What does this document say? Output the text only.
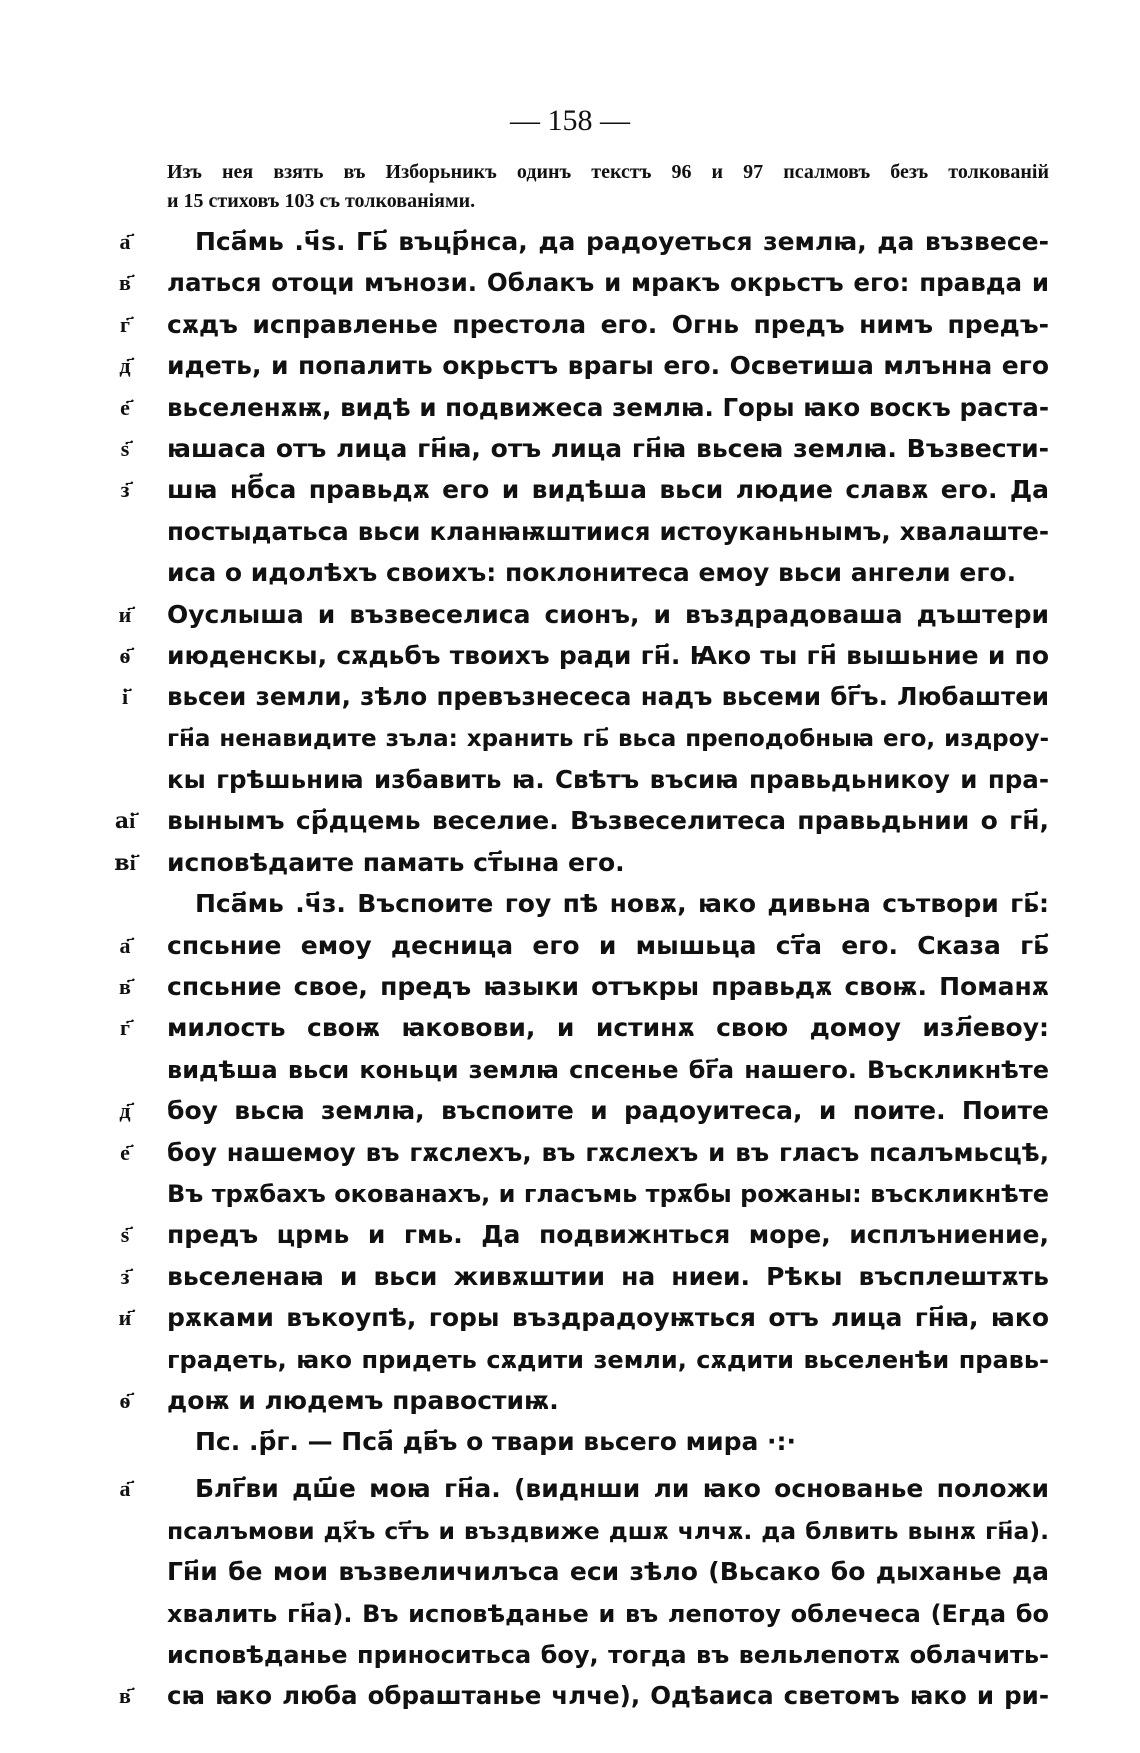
— 158 —
Изъ нея взять въ Изборьникъ одинъ текстъ 96 и 97 псалмовъ безъ толкованій
и 15 стиховъ 103 съ толкованіями.
а҃	Пса҃мь .ч҃ѕ. Гь҃ въцр҃нса, да радоуеться землꙗ, да възвесе-
в҃	латься отоци мънози. Облакъ и мракъ окрьстъ его: правда и
г҃	сѫдъ исправленье престола его. Огнь предъ нимъ предъ-
д҃	идеть, и попалить окрьстъ врагы его. Осветиша млънна его
е҃	вьселенѫѭ, видѣ и подвижеса землꙗ. Горы ꙗко воскъ раста-
ѕ҃	ꙗшаса отъ лица гн҃ꙗ, отъ лица гн҃ꙗ вьсеꙗ землꙗ. Възвести-
з҃	шꙗ нб҃са правьдѫ его и видѣша вьси людие славѫ его. Да
постыдатьса вьси кланꙗѭштиися истоуканьнымъ, хвалаште-
иса о идолѣхъ своихъ: поклонитеса емоу вьси ангели его.
и҃	Оуслыша и възвеселиса сионъ, и въздрадоваша дъштери
ѳ҃	июденскы, сѫдьбъ твоихъ ради гн҃. Ꙗко ты гн҃ вышьние и по
і҃	вьсеи земли, зѣло превъзнесеса надъ вьсеми бг҃ъ. Любаштеи
гн҃а ненавидите зъла: хранить гь҃ вьса преподобныꙗ его, издроу-
кы грѣшьниꙗ избавить ꙗ. Свѣтъ въсиꙗ правьдьникоу и пра-
аі҃	вынымъ ср҃дцемь веселие. Възвеселитеса правьдьнии о гн҃,
ві҃	исповѣдаите памать ст҃ына его.
Пса҃мь .ч҃з. Въспоите гоу пѣ новѫ, ꙗко дивьна сътвори гь҃:
а҃	спсьние емоу десница его и мышьца ст҃а его. Сказа гь҃
в҃	спсьние свое, предъ ꙗзыки отъкры правьдѫ своѭ. Поманѫ
г҃	милость своѭ ꙗковови, и истинѫ свою домоу изл҃евоу:
видѣша вьси коньци землꙗ спсенье бг҃а нашего. Въскликнѣте
д҃	боу вьсꙗ землꙗ, въспоите и радоуитеса, и поите. Поите
е҃	боу нашемоу въ гѫслехъ, въ гѫслехъ и въ гласъ псалъмьсцѣ,
Въ трѫбахъ окованахъ, и гласъмь трѫбы рожаны: въскликнѣте
ѕ҃	предъ црмь и гмь. Да подвижнться море, исплъниение,
з҃	вьселенаꙗ и вьси живѫштии на ниеи. Рѣкы въсплештѫть
и҃	рѫками въкоупѣ, горы въздрадоуѭться отъ лица гн҃ꙗ, ꙗко
градеть, ꙗко придеть сѫдити земли, сѫдити вьселенѣи правь-
ѳ҃	доѭ и людемъ правостиѭ.
Пс. .р҃г. — Пса҃ дв҃ъ о твари вьсего мира ·:·
а҃	Блг҃ви дш҃е моꙗ гн҃а. (виднши ли ꙗко основанье положи
псалъмови дх҃ъ ст҃ъ и въздвиже дшѫ члчѫ. да блвить вынѫ гн҃а).
Гн҃и бе мои възвеличилъса еси зѣло (Вьсако бо дыханье да
хвалить гн҃а). Въ исповѣданье и въ лепотоу облечеса (Егда бо
исповѣданье приноситьса боу, тогда въ вельлепотѫ облачить-
в҃	сꙗ ꙗко люба обраштанье члче), Одѣаиса светомъ ꙗко и ри-
